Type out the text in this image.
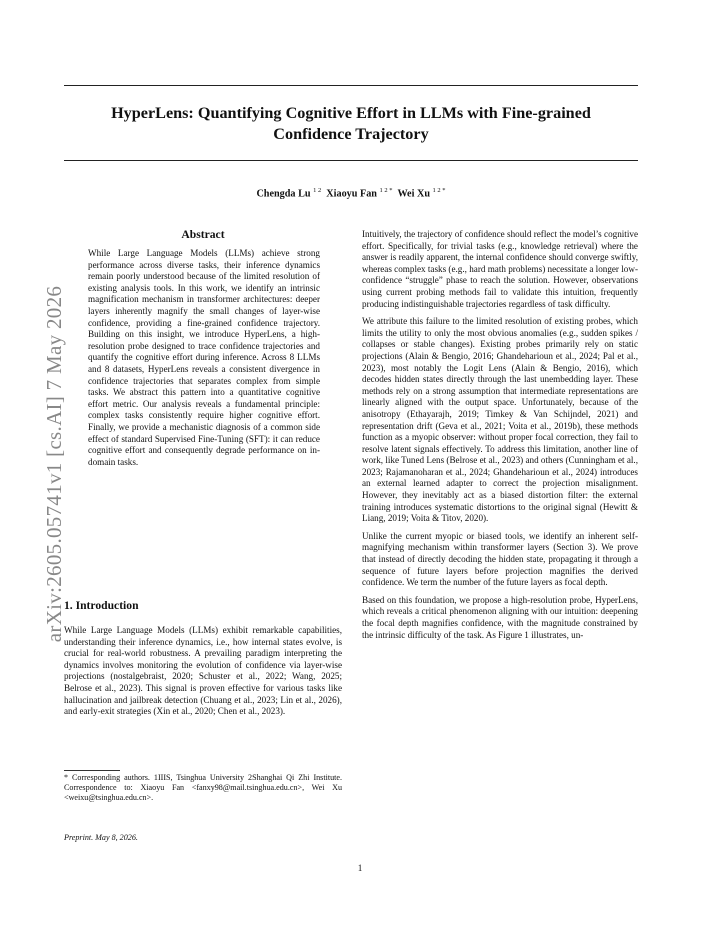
arXiv:2605.05741v1 [cs.AI] 7 May 2026
HyperLens: Quantifying Cognitive Effort in LLMs with Fine-grained
Confidence Trajectory
Chengda Lu $^{1 2}$ Xiaoyu Fan $^{1 2 *}$ Wei Xu $^{1 2 *}$
Abstract
While Large Language Models (LLMs) achieve strong performance across diverse tasks, their inference dynamics remain poorly understood because of the limited resolution of existing analysis tools. In this work, we identify an intrinsic magnification mechanism in transformer architectures: deeper layers inherently magnify the small changes of layer-wise confidence, providing a fine-grained confidence trajectory. Building on this insight, we introduce HyperLens, a high-resolution probe designed to trace confidence trajectories and quantify the cognitive effort during inference. Across 8 LLMs and 8 datasets, HyperLens reveals a consistent divergence in confidence trajectories that separates complex from simple tasks. We abstract this pattern into a quantitative cognitive effort metric. Our analysis reveals a fundamental principle: complex tasks consistently require higher cognitive effort. Finally, we provide a mechanistic diagnosis of a common side effect of standard Supervised Fine-Tuning (SFT): it can reduce cognitive effort and consequently degrade performance on in-domain tasks.
1. Introduction

While Large Language Models (LLMs) exhibit remarkable capabilities, understanding their inference dynamics, i.e., how internal states evolve, is crucial for real-world robustness. A prevailing paradigm interpreting the dynamics involves monitoring the evolution of confidence via layer-wise projections (nostalgebraist, 2020; Schuster et al., 2022; Wang, 2025; Belrose et al., 2023). This signal is proven effective for various tasks like hallucination and jailbreak detection (Chuang et al., 2023; Lin et al., 2026), and early-exit strategies (Xin et al., 2020; Chen et al., 2023).

* Corresponding authors. 1IIIS, Tsinghua University 2Shanghai Qi Zhi Institute. Correspondence to: Xiaoyu Fan <fanxy98@mail.tsinghua.edu.cn>, Wei Xu <weixu@tsinghua.edu.cn>.
Preprint. May 8, 2026.

Intuitively, the trajectory of confidence should reflect the model’s cognitive effort. Specifically, for trivial tasks (e.g., knowledge retrieval) where the answer is readily apparent, the internal confidence should converge swiftly, whereas complex tasks (e.g., hard math problems) necessitate a longer low-confidence “struggle” phase to reach the solution. However, observations using current probing methods fail to validate this intuition, frequently producing indistinguishable trajectories regardless of task difficulty.

We attribute this failure to the limited resolution of existing probes, which limits the utility to only the most obvious anomalies (e.g., sudden spikes / collapses or stable changes). Existing probes primarily rely on static projections (Alain & Bengio, 2016; Ghandeharioun et al., 2024; Pal et al., 2023), most notably the Logit Lens (Alain & Bengio, 2016), which decodes hidden states directly through the last unembedding layer. These methods rely on a strong assumption that intermediate representations are linearly aligned with the output space. Unfortunately, because of the anisotropy (Ethayarajh, 2019; Timkey & Van Schijndel, 2021) and representation drift (Geva et al., 2021; Voita et al., 2019b), these methods function as a myopic observer: without proper focal correction, they fail to resolve latent signals effectively. To address this limitation, another line of work, like Tuned Lens (Belrose et al., 2023) and others (Cunningham et al., 2023; Rajamanoharan et al., 2024; Ghandeharioun et al., 2024) introduces an external learned adapter to correct the projection misalignment. However, they inevitably act as a biased distortion filter: the external training introduces systematic distortions to the original signal (Hewitt & Liang, 2019; Voita & Titov, 2020).

Unlike the current myopic or biased tools, we identify an inherent self-magnifying mechanism within transformer layers (Section 3). We prove that instead of directly decoding the hidden state, propagating it through a sequence of future layers before projection magnifies the derived confidence. We term the number of the future layers as focal depth.

Based on this foundation, we propose a high-resolution probe, HyperLens, which reveals a critical phenomenon aligning with our intuition: deepening the focal depth magnifies confidence, with the magnitude constrained by the intrinsic difficulty of the task. As Figure 1 illustrates, un-

1
